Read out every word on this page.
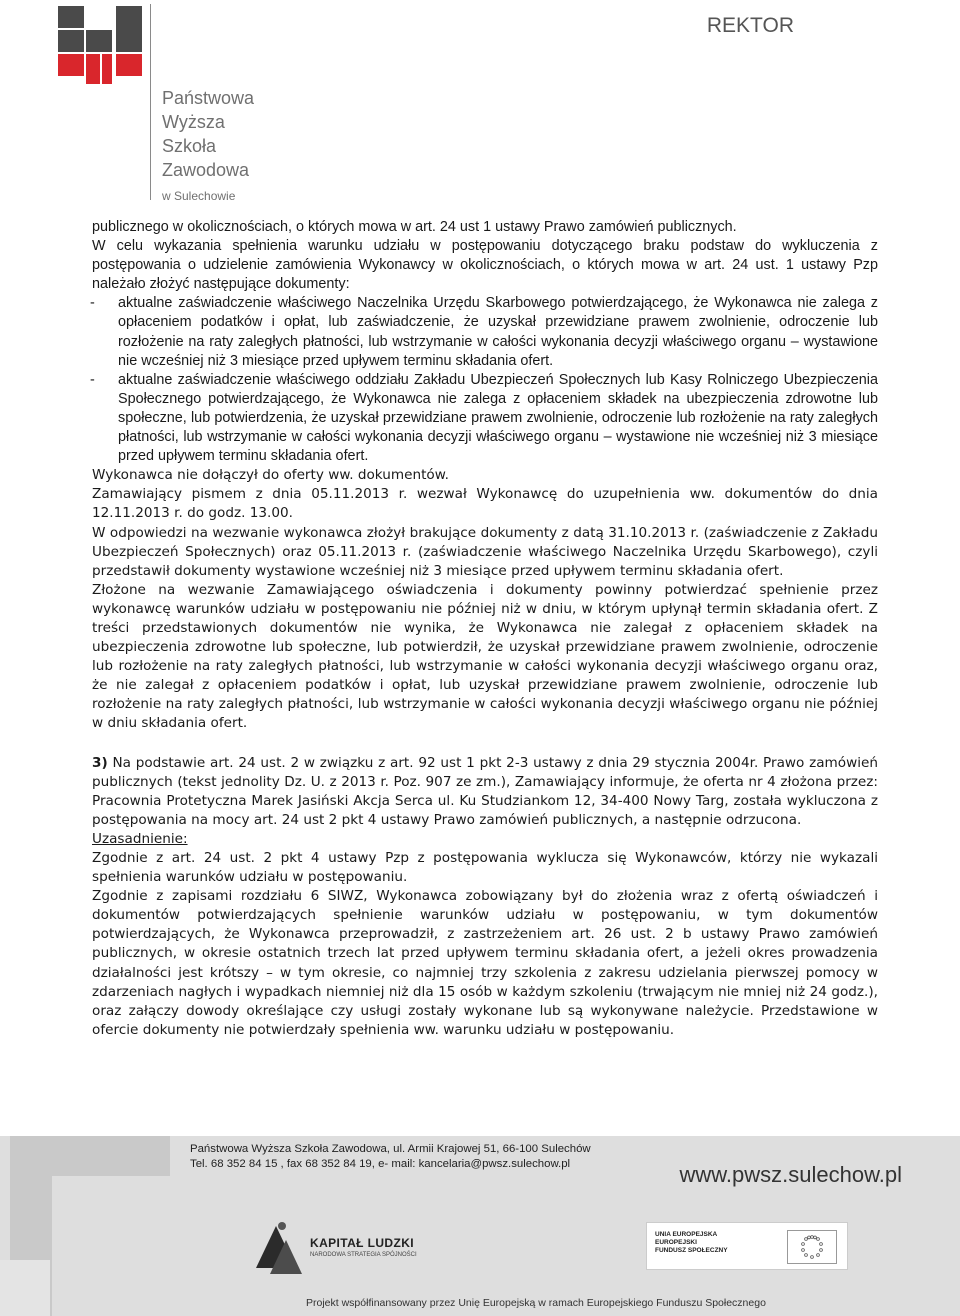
Państwowa
Wyższa
Szkoła
Zawodowa
w Sulechowie
REKTOR

publicznego w okolicznościach, o których mowa w art. 24 ust 1 ustawy Prawo zamówień publicznych.

W celu wykazania spełnienia warunku udziału w postępowaniu dotyczącego braku podstaw do wykluczenia z postępowania o udzielenie zamówienia Wykonawcy w okolicznościach, o których mowa w art. 24 ust. 1 ustawy Pzp należało złożyć następujące dokumenty:

- aktualne zaświadczenie właściwego Naczelnika Urzędu Skarbowego potwierdzającego, że Wykonawca nie zalega z opłaceniem podatków i opłat, lub zaświadczenie, że uzyskał przewidziane prawem zwolnienie, odroczenie lub rozłożenie na raty zaległych płatności, lub wstrzymanie w całości wykonania decyzji właściwego organu – wystawione nie wcześniej niż 3 miesiące przed upływem terminu składania ofert.
- aktualne zaświadczenie właściwego oddziału Zakładu Ubezpieczeń Społecznych lub Kasy Rolniczego Ubezpieczenia Społecznego potwierdzającego, że Wykonawca nie zalega z opłaceniem składek na ubezpieczenia zdrowotne lub społeczne, lub potwierdzenia, że uzyskał przewidziane prawem zwolnienie, odroczenie lub rozłożenie na raty zaległych płatności, lub wstrzymanie w całości wykonania decyzji właściwego organu – wystawione nie wcześniej niż 3 miesiące przed upływem terminu składania ofert.

Wykonawca nie dołączył do oferty ww. dokumentów.

Zamawiający pismem z dnia 05.11.2013 r. wezwał Wykonawcę do uzupełnienia ww. dokumentów do dnia 12.11.2013 r. do godz. 13.00.

W odpowiedzi na wezwanie wykonawca złożył brakujące dokumenty z datą 31.10.2013 r. (zaświadczenie z Zakładu Ubezpieczeń Społecznych) oraz 05.11.2013 r. (zaświadczenie właściwego Naczelnika Urzędu Skarbowego), czyli przedstawił dokumenty wystawione wcześniej niż 3 miesiące przed upływem terminu składania ofert.

Złożone na wezwanie Zamawiającego oświadczenia i dokumenty powinny potwierdzać spełnienie przez wykonawcę warunków udziału w postępowaniu nie później niż w dniu, w którym upłynął termin składania ofert. Z treści przedstawionych dokumentów nie wynika, że Wykonawca nie zalegał z opłaceniem składek na ubezpieczenia zdrowotne lub społeczne, lub potwierdził, że uzyskał przewidziane prawem zwolnienie, odroczenie lub rozłożenie na raty zaległych płatności, lub wstrzymanie w całości wykonania decyzji właściwego organu oraz, że nie zalegał z opłaceniem podatków i opłat, lub uzyskał przewidziane prawem zwolnienie, odroczenie lub rozłożenie na raty zaległych płatności, lub wstrzymanie w całości wykonania decyzji właściwego organu nie później w dniu składania ofert.

3) Na podstawie art. 24 ust. 2 w związku z art. 92 ust 1 pkt 2-3 ustawy z dnia 29 stycznia 2004r. Prawo zamówień publicznych (tekst jednolity Dz. U. z 2013 r. Poz. 907 ze zm.), Zamawiający informuje, że oferta nr 4 złożona przez: Pracownia Protetyczna Marek Jasiński Akcja Serca ul. Ku Studziankom 12, 34-400 Nowy Targ, została wykluczona z postępowania na mocy art. 24 ust 2 pkt 4 ustawy Prawo zamówień publicznych, a następnie odrzucona.

Uzasadnienie:

Zgodnie z art. 24 ust. 2 pkt 4 ustawy Pzp z postępowania wyklucza się Wykonawców, którzy nie wykazali spełnienia warunków udziału w postępowaniu.

Zgodnie z zapisami rozdziału 6 SIWZ, Wykonawca zobowiązany był do złożenia wraz z ofertą oświadczeń i dokumentów potwierdzających spełnienie warunków udziału w postępowaniu, w tym dokumentów potwierdzających, że Wykonawca przeprowadził, z zastrzeżeniem art. 26 ust. 2 b ustawy Prawo zamówień publicznych, w okresie ostatnich trzech lat przed upływem terminu składania ofert, a jeżeli okres prowadzenia działalności jest krótszy – w tym okresie, co najmniej trzy szkolenia z zakresu udzielania pierwszej pomocy w zdarzeniach nagłych i wypadkach niemniej niż dla 15 osób w każdym szkoleniu (trwającym nie mniej niż 24 godz.), oraz załączy dowody określające czy usługi zostały wykonane lub są wykonywane należycie. Przedstawione w ofercie dokumenty nie potwierdzały spełnienia ww. warunku udziału w postępowaniu.

Państwowa Wyższa Szkoła Zawodowa, ul. Armii Krajowej 51, 66-100 Sulechów
Tel. 68 352 84 15 , fax 68 352 84 19, e- mail: kancelaria@pwsz.sulechow.pl	www.pwsz.sulechow.pl
KAPITAŁ LUDZKI
NARODOWA STRATEGIA SPÓJNOŚCI
UNIA EUROPEJSKA
EUROPEJSKI
FUNDUSZ SPOŁECZNY
Projekt współfinansowany przez Unię Europejską w ramach Europejskiego Funduszu Społecznego
